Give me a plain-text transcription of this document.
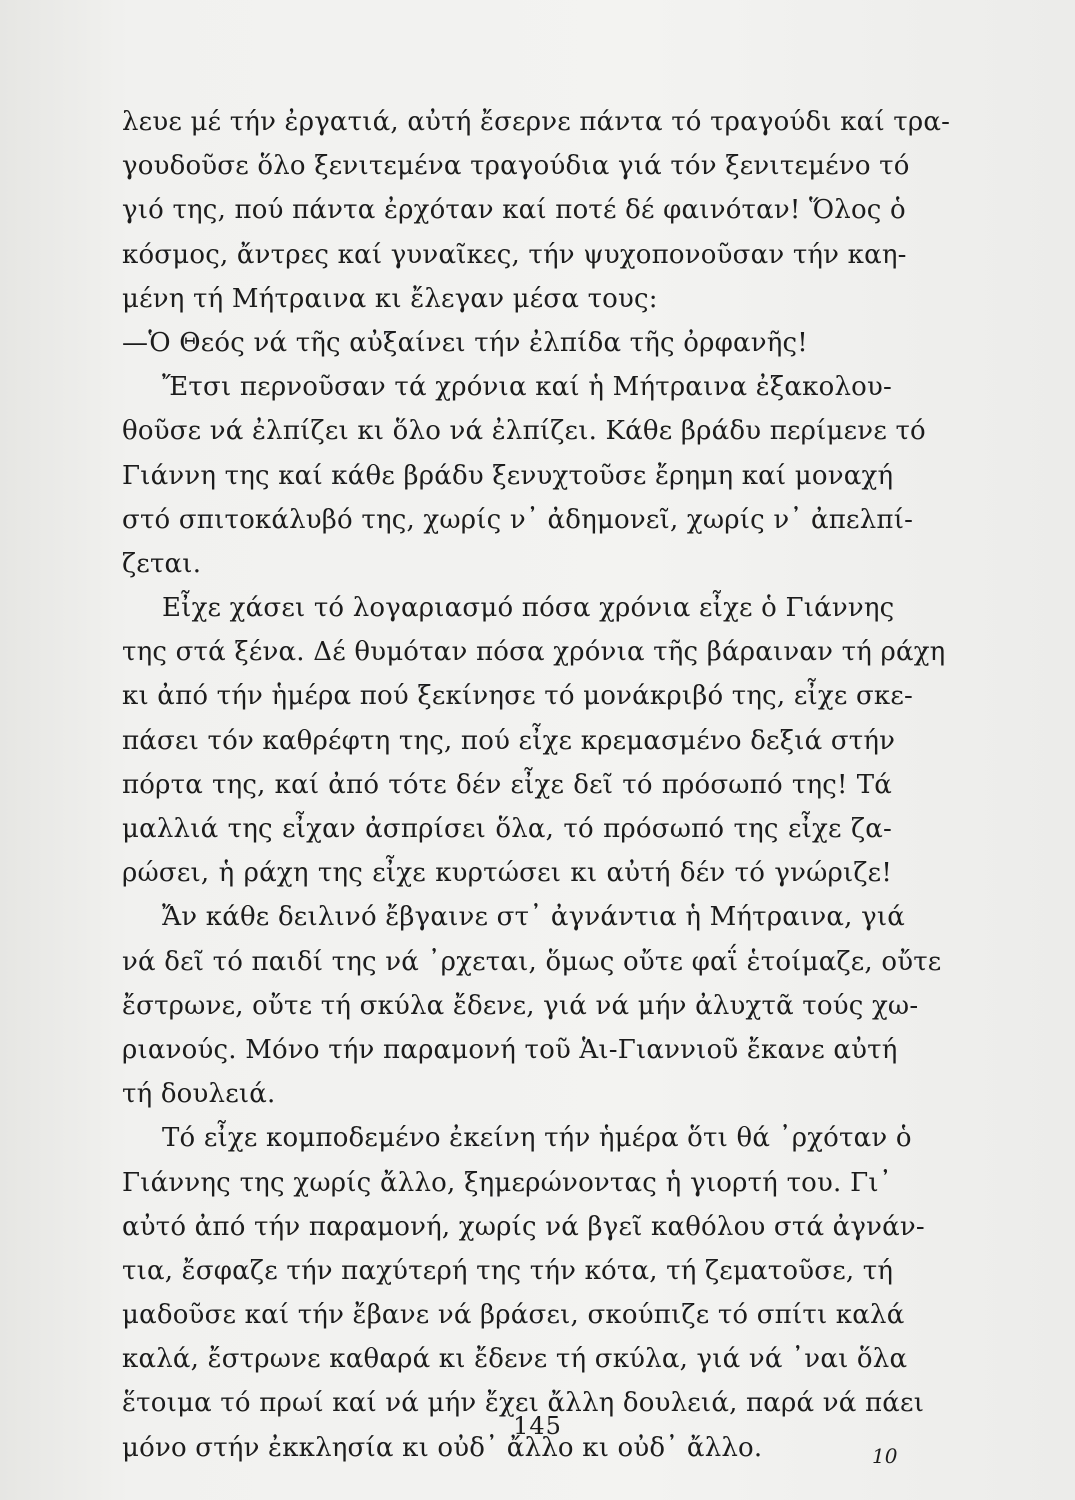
λευε μέ τήν ἐργατιά, αὐτή ἔσερνε πάντα τό τραγούδι καί τρα-
γουδοῦσε ὅλο ξενιτεμένα τραγούδια γιά τόν ξενιτεμένο τό
γιό της, πού πάντα ἐρχόταν καί ποτέ δέ φαινόταν! Ὅλος ὁ
κόσμος, ἄντρες καί γυναῖκες, τήν ψυχοπονοῦσαν τήν καη-
μένη τή Μήτραινα κι ἔλεγαν μέσα τους:
—Ὁ Θεός νά τῆς αὐξαίνει τήν ἐλπίδα τῆς ὀρφανῆς!
Ἔτσι περνοῦσαν τά χρόνια καί ἡ Μήτραινα ἐξακολου-
θοῦσε νά ἐλπίζει κι ὅλο νά ἐλπίζει. Κάθε βράδυ περίμενε τό
Γιάννη της καί κάθε βράδυ ξενυχτοῦσε ἔρημη καί μοναχή
στό σπιτοκάλυβό της, χωρίς ν᾽ ἀδημονεῖ, χωρίς ν᾽ ἀπελπί-
ζεται.
Εἶχε χάσει τό λογαριασμό πόσα χρόνια εἶχε ὁ Γιάννης
της στά ξένα. Δέ θυμόταν πόσα χρόνια τῆς βάραιναν τή ράχη
κι ἀπό τήν ἡμέρα πού ξεκίνησε τό μονάκριβό της, εἶχε σκε-
πάσει τόν καθρέφτη της, πού εἶχε κρεμασμένο δεξιά στήν
πόρτα της, καί ἀπό τότε δέν εἶχε δεῖ τό πρόσωπό της! Τά
μαλλιά της εἶχαν ἀσπρίσει ὅλα, τό πρόσωπό της εἶχε ζα-
ρώσει, ἡ ράχη της εἶχε κυρτώσει κι αὐτή δέν τό γνώριζε!
Ἄν κάθε δειλινό ἔβγαινε στ᾽ ἀγνάντια ἡ Μήτραινα, γιά
νά δεῖ τό παιδί της νά ᾽ρχεται, ὅμως οὔτε φαΐ ἑτοίμαζε, οὔτε
ἔστρωνε, οὔτε τή σκύλα ἔδενε, γιά νά μήν ἀλυχτᾶ τούς χω-
ριανούς. Μόνο τήν παραμονή τοῦ Ἁι-Γιαννιοῦ ἔκανε αὐτή
τή δουλειά.
Τό εἶχε κομποδεμένο ἐκείνη τήν ἡμέρα ὅτι θά ᾽ρχόταν ὁ
Γιάννης της χωρίς ἄλλο, ξημερώνοντας ἡ γιορτή του. Γι᾽
αὐτό ἀπό τήν παραμονή, χωρίς νά βγεῖ καθόλου στά ἀγνάν-
τια, ἔσφαζε τήν παχύτερή της τήν κότα, τή ζεματοῦσε, τή
μαδοῦσε καί τήν ἔβανε νά βράσει, σκούπιζε τό σπίτι καλά
καλά, ἔστρωνε καθαρά κι ἔδενε τή σκύλα, γιά νά ᾽ναι ὅλα
ἕτοιμα τό πρωί καί νά μήν ἔχει ἄλλη δουλειά, παρά νά πάει
μόνο στήν ἐκκλησία κι οὐδ᾽ ἄλλο κι οὐδ᾽ ἄλλο.
145
10
